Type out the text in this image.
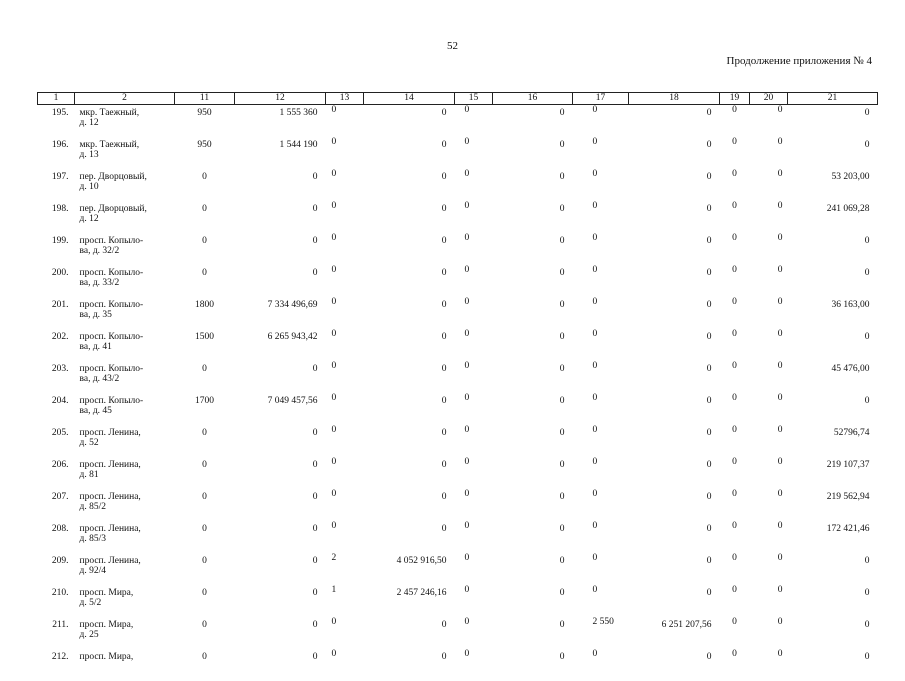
52
Продолжение приложения № 4
1	2	11	12	13	14	15	16	17	18	19	20	21
195.	мкр. Таежный,
д. 12	950	1 555 360	0	0	0	0	0	0	0	0	0
196.	мкр. Таежный,
д. 13	950	1 544 190	0	0	0	0	0	0	0	0	0
197.	пер. Дворцовый,
д. 10	0	0	0	0	0	0	0	0	0	0	53 203,00
198.	пер. Дворцовый,
д. 12	0	0	0	0	0	0	0	0	0	0	241 069,28
199.	просп. Копыло-
ва, д. 32/2	0	0	0	0	0	0	0	0	0	0	0
200.	просп. Копыло-
ва, д. 33/2	0	0	0	0	0	0	0	0	0	0	0
201.	просп. Копыло-
ва, д. 35	1800	7 334 496,69	0	0	0	0	0	0	0	0	36 163,00
202.	просп. Копыло-
ва, д. 41	1500	6 265 943,42	0	0	0	0	0	0	0	0	0
203.	просп. Копыло-
ва, д. 43/2	0	0	0	0	0	0	0	0	0	0	45 476,00
204.	просп. Копыло-
ва, д. 45	1700	7 049 457,56	0	0	0	0	0	0	0	0	0
205.	просп. Ленина,
д. 52	0	0	0	0	0	0	0	0	0	0	52796,74
206.	просп. Ленина,
д. 81	0	0	0	0	0	0	0	0	0	0	219 107,37
207.	просп. Ленина,
д. 85/2	0	0	0	0	0	0	0	0	0	0	219 562,94
208.	просп. Ленина,
д. 85/3	0	0	0	0	0	0	0	0	0	0	172 421,46
209.	просп. Ленина,
д. 92/4	0	0	2	4 052 916,50	0	0	0	0	0	0	0
210.	просп. Мира,
д. 5/2	0	0	1	2 457 246,16	0	0	0	0	0	0	0
211.	просп. Мира,
д. 25	0	0	0	0	0	0	2 550	6 251 207,56	0	0	0
212.	просп. Мира,	0	0	0	0	0	0	0	0	0	0	0
